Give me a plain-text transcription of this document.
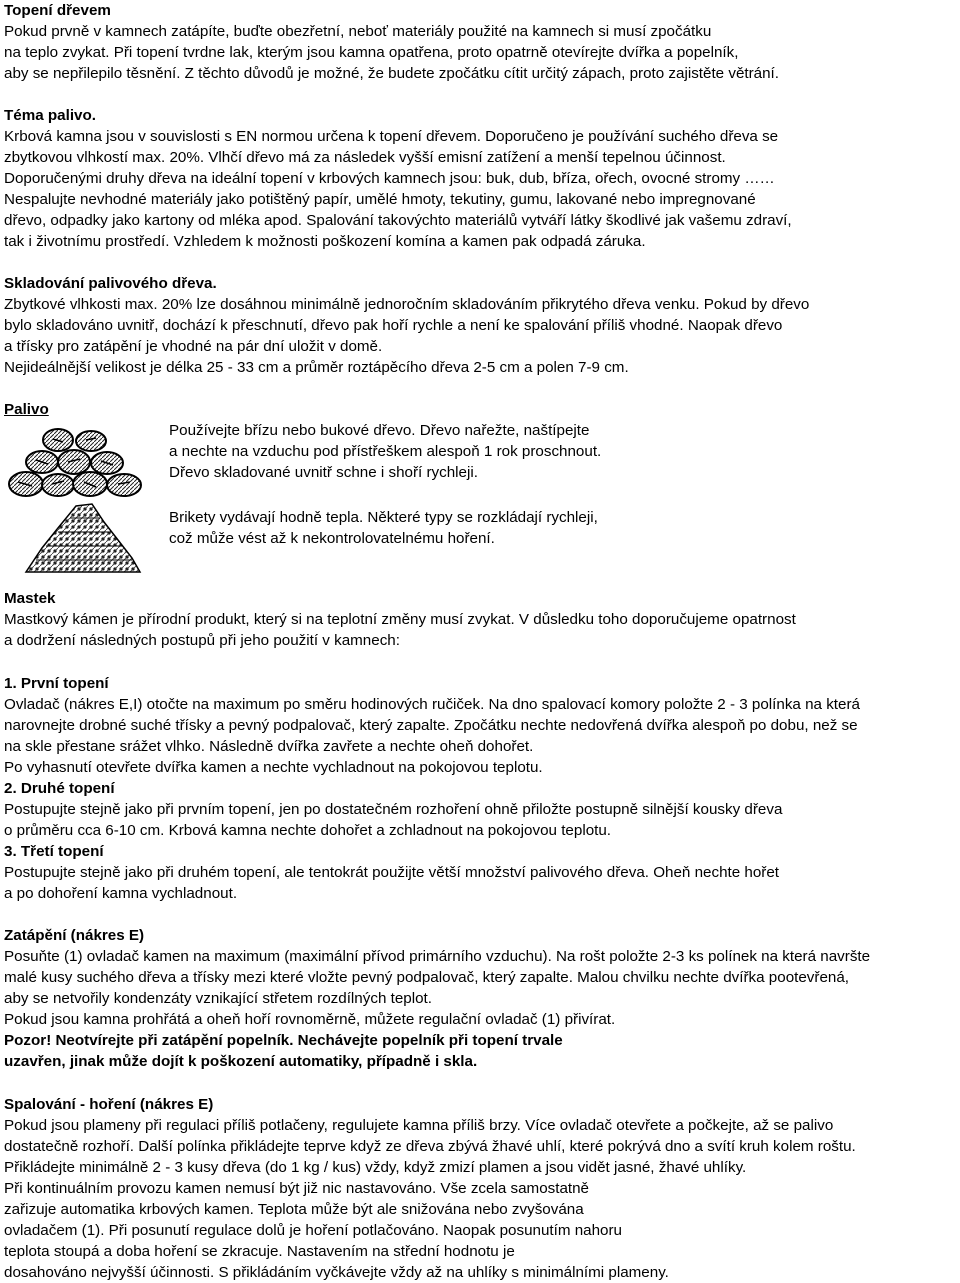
Topení dřevem
Pokud prvně v kamnech zatápíte, buďte obezřetní, neboť materiály použité na kamnech si musí zpočátku
na teplo zvykat. Při topení tvrdne lak, kterým jsou kamna opatřena, proto opatrně otevírejte dvířka a popelník,
aby se nepřilepilo těsnění. Z těchto důvodů je možné, že budete zpočátku cítit určitý zápach, proto zajistěte větrání.
Téma palivo.
Krbová kamna jsou v souvislosti s EN normou určena k topení dřevem. Doporučeno je používání suchého dřeva se
zbytkovou vlhkostí max. 20%. Vlhčí dřevo má za následek vyšší emisní zatížení a menší tepelnou účinnost.
Doporučenými druhy dřeva na ideální topení v krbových kamnech jsou: buk, dub, bříza, ořech, ovocné stromy ……
Nespalujte nevhodné materiály jako potištěný papír, umělé hmoty, tekutiny, gumu, lakované nebo impregnované
dřevo, odpadky jako kartony od mléka apod. Spalování takovýchto materiálů vytváří látky škodlivé jak vašemu zdraví,
tak i životnímu prostředí. Vzhledem k možnosti poškození komína a kamen pak odpadá záruka.
Skladování palivového dřeva.
Zbytkové vlhkosti max. 20% lze dosáhnou minimálně jednoročním skladováním přikrytého dřeva venku. Pokud by dřevo
bylo skladováno uvnitř, dochází k přeschnutí, dřevo pak hoří rychle a není ke spalování příliš vhodné. Naopak dřevo
a třísky pro zatápění je vhodné na pár dní uložit v domě.
Nejideálnější velikost je délka 25 - 33 cm a průměr roztápěcího dřeva 2-5 cm a polen 7-9 cm.
Palivo
Používejte břízu nebo bukové dřevo. Dřevo nařežte, naštípejte
a nechte na vzduchu pod přístřeškem alespoň 1 rok proschnout.
Dřevo skladované uvnitř schne i shoří rychleji.
Brikety vydávají hodně tepla. Některé typy se rozkládají rychleji,
což může vést až k nekontrolovatelnému hoření.
Mastek
Mastkový kámen je přírodní produkt, který si na teplotní změny musí zvykat. V důsledku toho doporučujeme opatrnost
a dodržení následných postupů při jeho použití v kamnech:
1. První topení
Ovladač (nákres E,I) otočte na maximum po směru hodinových ručiček. Na dno spalovací komory položte 2 - 3 polínka na která
narovnejte drobné suché třísky a pevný podpalovač, který zapalte. Zpočátku nechte nedovřená dvířka alespoň po dobu, než se
na skle přestane srážet vlhko. Následně dvířka zavřete a nechte oheň dohořet.
Po vyhasnutí otevřete dvířka kamen a nechte vychladnout na pokojovou teplotu.
2. Druhé topení
Postupujte stejně jako při prvním topení, jen po dostatečném rozhoření ohně přiložte postupně silnější kousky dřeva
o průměru cca 6-10 cm. Krbová kamna nechte dohořet a zchladnout na pokojovou teplotu.
3. Třetí topení
Postupujte stejně jako při druhém topení, ale tentokrát použijte větší množství palivového dřeva. Oheň nechte hořet
a po dohoření kamna vychladnout.
Zatápění (nákres E)
Posuňte (1) ovladač kamen na maximum (maximální přívod primárního vzduchu). Na rošt položte 2-3 ks polínek na která navršte
malé kusy suchého dřeva a třísky mezi které vložte pevný podpalovač, který zapalte. Malou chvilku nechte dvířka pootevřená,
aby se netvořily kondenzáty vznikající střetem rozdílných teplot.
Pokud jsou kamna prohřátá a oheň hoří rovnoměrně, můžete regulační ovladač (1) přivírat.
Pozor! Neotvírejte při zatápění popelník. Nechávejte popelník při topení trvale
uzavřen, jinak může dojít k poškození automatiky, případně i skla.
Spalování - hoření (nákres E)
Pokud jsou plameny při regulaci příliš potlačeny, regulujete kamna příliš brzy. Více ovladač otevřete a počkejte, až se palivo
dostatečně rozhoří. Další polínka přikládejte teprve když ze dřeva zbývá žhavé uhlí, které pokrývá dno a svítí kruh kolem roštu.
Přikládejte minimálně 2 - 3 kusy dřeva (do 1 kg / kus) vždy, když zmizí plamen a jsou vidět jasné, žhavé uhlíky.
Při kontinuálním provozu kamen nemusí být již nic nastavováno. Vše zcela samostatně
zařizuje automatika krbových kamen. Teplota může být ale snižována nebo zvyšována
ovladačem (1). Při posunutí regulace dolů je hoření potlačováno. Naopak posunutím nahoru
teplota stoupá a doba hoření se zkracuje. Nastavením na střední hodnotu je
dosahováno nejvyšší účinnosti. S přikládáním vyčkávejte vždy až na uhlíky s minimálními plameny.
